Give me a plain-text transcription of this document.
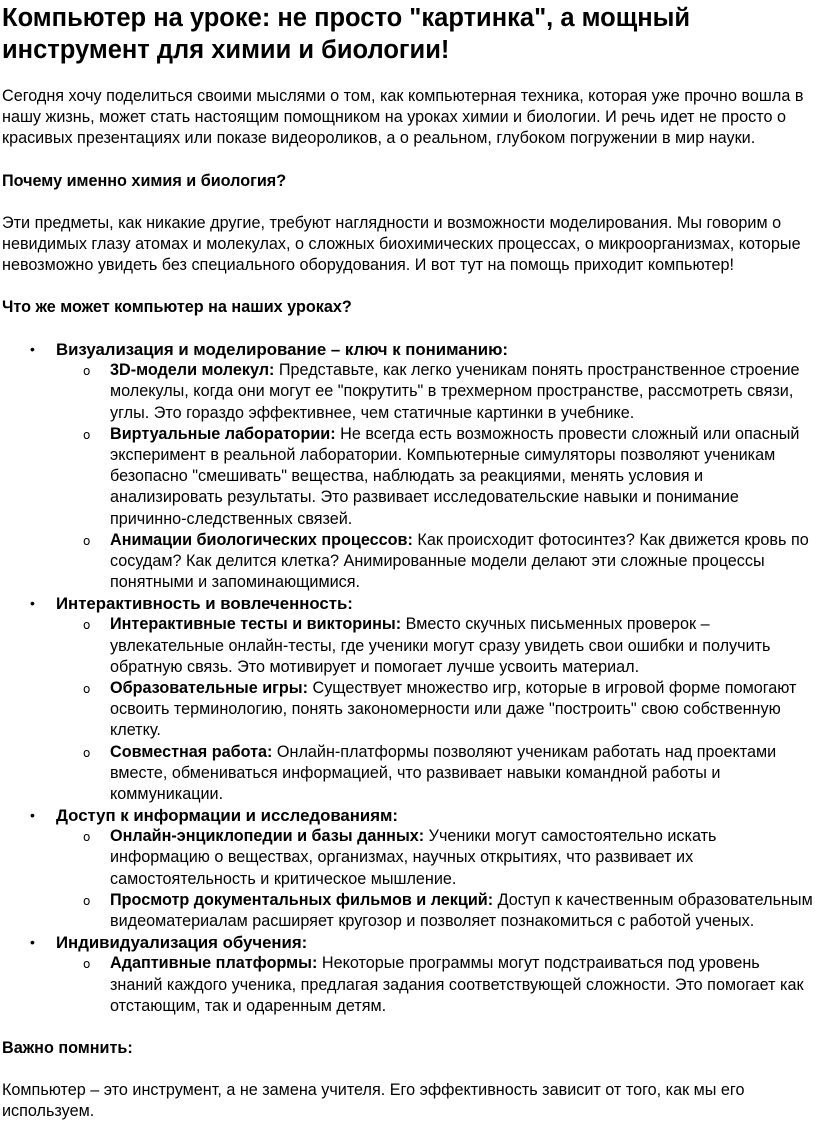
Компьютер на уроке: не просто "картинка", а мощный инструмент для химии и биологии!

Сегодня хочу поделиться своими мыслями о том, как компьютерная техника, которая уже прочно вошла в нашу жизнь, может стать настоящим помощником на уроках химии и биологии. И речь идет не просто о красивых презентациях или показе видеороликов, а о реальном, глубоком погружении в мир науки.

Почему именно химия и биология?

Эти предметы, как никакие другие, требуют наглядности и возможности моделирования. Мы говорим о невидимых глазу атомах и молекулах, о сложных биохимических процессах, о микроорганизмах, которые невозможно увидеть без специального оборудования. И вот тут на помощь приходит компьютер!

Что же может компьютер на наших уроках?
• Визуализация и моделирование – ключ к пониманию:
o 3D-модели молекул: Представьте, как легко ученикам понять пространственное строение молекулы, когда они могут ее "покрутить" в трехмерном пространстве, рассмотреть связи, углы. Это гораздо эффективнее, чем статичные картинки в учебнике.
o Виртуальные лаборатории: Не всегда есть возможность провести сложный или опасный эксперимент в реальной лаборатории. Компьютерные симуляторы позволяют ученикам безопасно "смешивать" вещества, наблюдать за реакциями, менять условия и анализировать результаты. Это развивает исследовательские навыки и понимание причинно-следственных связей.
o Анимации биологических процессов: Как происходит фотосинтез? Как движется кровь по сосудам? Как делится клетка? Анимированные модели делают эти сложные процессы понятными и запоминающимися.
• Интерактивность и вовлеченность:
o Интерактивные тесты и викторины: Вместо скучных письменных проверок – увлекательные онлайн-тесты, где ученики могут сразу увидеть свои ошибки и получить обратную связь. Это мотивирует и помогает лучше усвоить материал.
o Образовательные игры: Существует множество игр, которые в игровой форме помогают освоить терминологию, понять закономерности или даже "построить" свою собственную клетку.
o Совместная работа: Онлайн-платформы позволяют ученикам работать над проектами вместе, обмениваться информацией, что развивает навыки командной работы и коммуникации.
• Доступ к информации и исследованиям:
o Онлайн-энциклопедии и базы данных: Ученики могут самостоятельно искать информацию о веществах, организмах, научных открытиях, что развивает их самостоятельность и критическое мышление.
o Просмотр документальных фильмов и лекций: Доступ к качественным образовательным видеоматериалам расширяет кругозор и позволяет познакомиться с работой ученых.
• Индивидуализация обучения:
o Адаптивные платформы: Некоторые программы могут подстраиваться под уровень знаний каждого ученика, предлагая задания соответствующей сложности. Это помогает как отстающим, так и одаренным детям.
Важно помнить:

Компьютер – это инструмент, а не замена учителя. Его эффективность зависит от того, как мы его используем.
